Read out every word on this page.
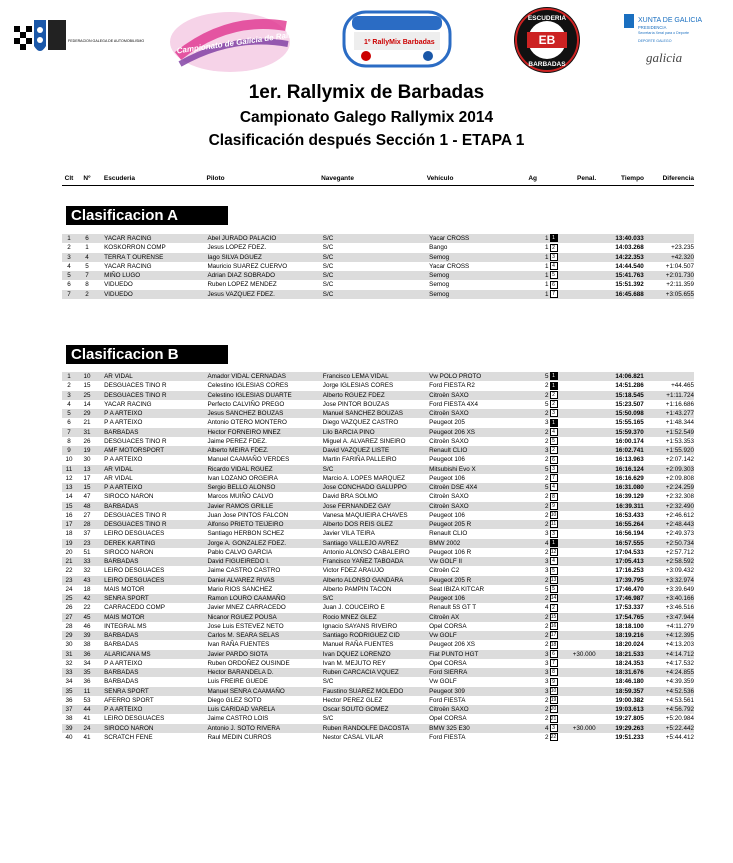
FEDERACION GALEGA DE AUTOMOBILISMO	Campionato de Galicia de Rallymix 2014	1º RallyMix Barbadas
ESCUDERIA
EB
BARBADAS
XUNTA DE GALICIA
PRESIDENCIA
Secretaría Xeral para o Deporte
DEPORTE GALEGO
galicia
1er. Rallymix de Barbadas
Campionato Galego Rallymix 2014
Clasificación después Sección 1 - ETAPA 1
Clt	Nº	Escuderia	Piloto	Navegante	Vehículo	Ag	Penal.	Tiempo	Diferencia
Clasificacion A
1	6	YACAR RACING	Abel JURADO PALACIO	S/C	Yacar CROSS	1 1		13:40.033	
2	1	KOSKORRON COMP	Jesus LOPEZ FDEZ.	S/C	Bango	1 2		14:03.268	+23.235
3	4	TERRA T OURENSE	Iago SILVA DGUEZ	S/C	Semog	1 3		14:22.353	+42.320
4	5	YACAR RACING	Mauricio SUAREZ CUERVO	S/C	Yacar CROSS	1 4		14:44.540	+1:04.507
5	7	MIÑO LUGO	Adrian DIAZ SOBRADO	S/C	Semog	1 5		15:41.763	+2:01.730
6	8	VIDUEDO	Ruben LOPEZ MENDEZ	S/C	Semog	1 6		15:51.392	+2:11.359
7	2	VIDUEDO	Jesus VAZQUEZ FDEZ.	S/C	Semog	1 7		16:45.688	+3:05.655
Clasificacion B
1	10	AR VIDAL	Amador VIDAL CERNADAS	Francisco LEMA VIDAL	Vw POLO PROTO	5 1		14:06.821	
2	15	DESGUACES TINO R	Celestino IGLESIAS CORES	Jorge IGLESIAS CORES	Ford FIESTA R2	2 1		14:51.286	+44.465
3	25	DESGUACES TINO R	Celestino IGLESIAS DUARTE	Alberto RGUEZ FDEZ	Citroën SAXO	2 2		15:18.545	+1:11.724
4	14	YACAR RACING	Perfecto CALVIÑO PREGO	Jose PINTOR BOUZAS	Ford FIESTA 4X4	5 2		15:23.507	+1:16.686
5	29	P A ARTEIXO	Jesus SANCHEZ BOUZAS	Manuel SANCHEZ BOUZAS	Citroën SAXO	2 3		15:50.098	+1:43.277
6	21	P A ARTEIXO	Antonio OTERO MONTERO	Diego VAZQUEZ CASTRO	Peugeot 205	3 1		15:55.165	+1:48.344
7	31	BARBADAS	Hector FORNEIRO MNEZ	Lilo BARCIA PINO	Peugeot 206 XS	2 4		15:59.370	+1:52.549
8	26	DESGUACES TINO R	Jaime PEREZ FDEZ.	Miguel A. ALVAREZ SINEIRO	Citroën SAXO	2 5		16:00.174	+1:53.353
9	19	AMF MOTORSPORT	Alberto MEIRA FDEZ.	David VAZQUEZ LISTE	Renault CLIO	3 2		16:02.741	+1:55.920
10	30	P A ARTEIXO	Manuel CAAMAÑO VERDES	Martin FARIÑA PALLEIRO	Peugeot 106	2 6		16:13.963	+2:07.142
11	13	AR VIDAL	Ricardo VIDAL RGUEZ	S/C	Mitsubishi Evo X	5 3		16:16.124	+2:09.303
12	17	AR VIDAL	Ivan LOZANO ORGEIRA	Marcio A. LOPES MARQUEZ	Peugeot 106	2 7		16:16.629	+2:09.808
13	15	P A ARTEIXO	Sergio BELLO ALONSO	Jose CONCHADO GALUPPO	Citroën DSE 4X4	5 4		16:31.080	+2:24.259
14	47	SIROCO NARON	Marcos MUIÑO CALVO	David BRA SOLMO	Citroën SAXO	2 8		16:39.129	+2:32.308
15	48	BARBADAS	Javier RAMOS GRILLE	Jose FERNANDEZ GAY	Citroën SAXO	2 9		16:39.311	+2:32.490
16	27	DESGUACES TINO R	Juan Jose PINTOS FALCON	Vanesa MAQUIEIRA CHAVES	Peugeot 106	2 10		16:53.433	+2:46.612
17	28	DESGUACES TINO R	Alfonso PRIETO TEIJEIRO	Alberto DOS REIS GLEZ	Peugeot 205 R	2 11		16:55.264	+2:48.443
18	37	LEIRO DESGUACES	Santiago HERBON SCHEZ	Javier VILA TEIRA	Renault CLIO	3 3		16:56.194	+2:49.373
19	23	DEREK KARTING	Jorge A. GONZALEZ FDEZ.	Santiago VALLEJO AVREZ	BMW 2002	4 1		16:57.555	+2:50.734
20	51	SIROCO NARON	Pablo CALVO GARCIA	Antonio ALONSO CABALEIRO	Peugeot 106 R	2 12		17:04.533	+2:57.712
21	33	BARBADAS	David FIGUEIREDO I.	Francisco YAÑEZ TABOADA	Vw GOLF II	3 4		17:05.413	+2:58.592
22	32	LEIRO DESGUACES	Jaime CASTRO CASTRO	Victor FDEZ ARAUJO	Citroën C2	3 5		17:16.253	+3:09.432
23	43	LEIRO DESGUACES	Daniel ALVAREZ RIVAS	Alberto ALONSO GANDARA	Peugeot 205 R	2 13		17:39.795	+3:32.974
24	18	MAIS MOTOR	Mario RIOS SANCHEZ	Alberto PAMPIN TACON	Seat IBIZA KITCAR	5 5		17:46.470	+3:39.649
25	42	SENRA SPORT	Ramon LOURO CAAMAÑO	S/C	Peugeot 106	2 14		17:46.987	+3:40.166
26	22	CARRACEDO COMP	Javier MNEZ CARRACEDO	Juan J. COUCEIRO E	Renault 5S GT T	4 2		17:53.337	+3:46.516
27	45	MAIS MOTOR	Nicanor RGUEZ POUSA	Rocio MNEZ GLEZ	Citroën AX	2 15		17:54.765	+3:47.944
28	46	INTEGRAL MS	Jose Luis ESTEVEZ NETO	Ignacio SAYANS RIVEIRO	Opel CORSA	2 16		18:18.100	+4:11.279
29	39	BARBADAS	Carlos M. SEARA SELAS	Santiago RODRIGUEZ CID	Vw GOLF	2 17		18:19.216	+4:12.395
30	38	BARBADAS	Ivan RAÑA FUENTES	Manuel RAÑA FUENTES	Peugeot 206 XS	2 18		18:20.024	+4:13.203
31	36	ALARICANA MS	Javier PARDO SIOTA	Ivan DQUEZ LORENZO	Fiat PUNTO HGT	3 6	+30.000	18:21.533	+4:14.712
32	34	P A ARTEIXO	Ruben ORDOÑEZ OUSINDE	Ivan M. MEJUTO REY	Opel CORSA	3 7		18:24.353	+4:17.532
33	35	BARBADAS	Hector BARANDELA D.	Ruben CARCACIA VQUEZ	Ford SIERRA	3 8		18:31.676	+4:24.855
34	36	BARBADAS	Luis FREIRE GUEDE	S/C	Vw GOLF	3 9		18:46.180	+4:39.359
35	11	SENRA SPORT	Manuel SENRA CAAMAÑO	Faustino SUAREZ MOLEDO	Peugeot 309	3 10		18:59.357	+4:52.536
36	53	AFERRO SPORT	Diego GLEZ SOTO	Hector PEREZ GLEZ	Ford FIESTA	2 19		19:00.382	+4:53.561
37	44	P A ARTEIXO	Luis CARIDAD VARELA	Oscar SOUTO GOMEZ	Citroën SAXO	2 20		19:03.613	+4:56.792
38	41	LEIRO DESGUACES	Jaime CASTRO LOIS	S/C	Opel CORSA	2 21		19:27.805	+5:20.984
39	24	SIROCO NARON	Antonio J. SOTO RIVERA	Ruben RANDOLFE DACOSTA	BMW 325 E30	4 3	+30.000	19:29.263	+5:22.442
40	41	SCRATCH FENE	Raul MEDIN CURROS	Nestor CASAL VILAR	Ford FIESTA	2 22		19:51.233	+5:44.412
